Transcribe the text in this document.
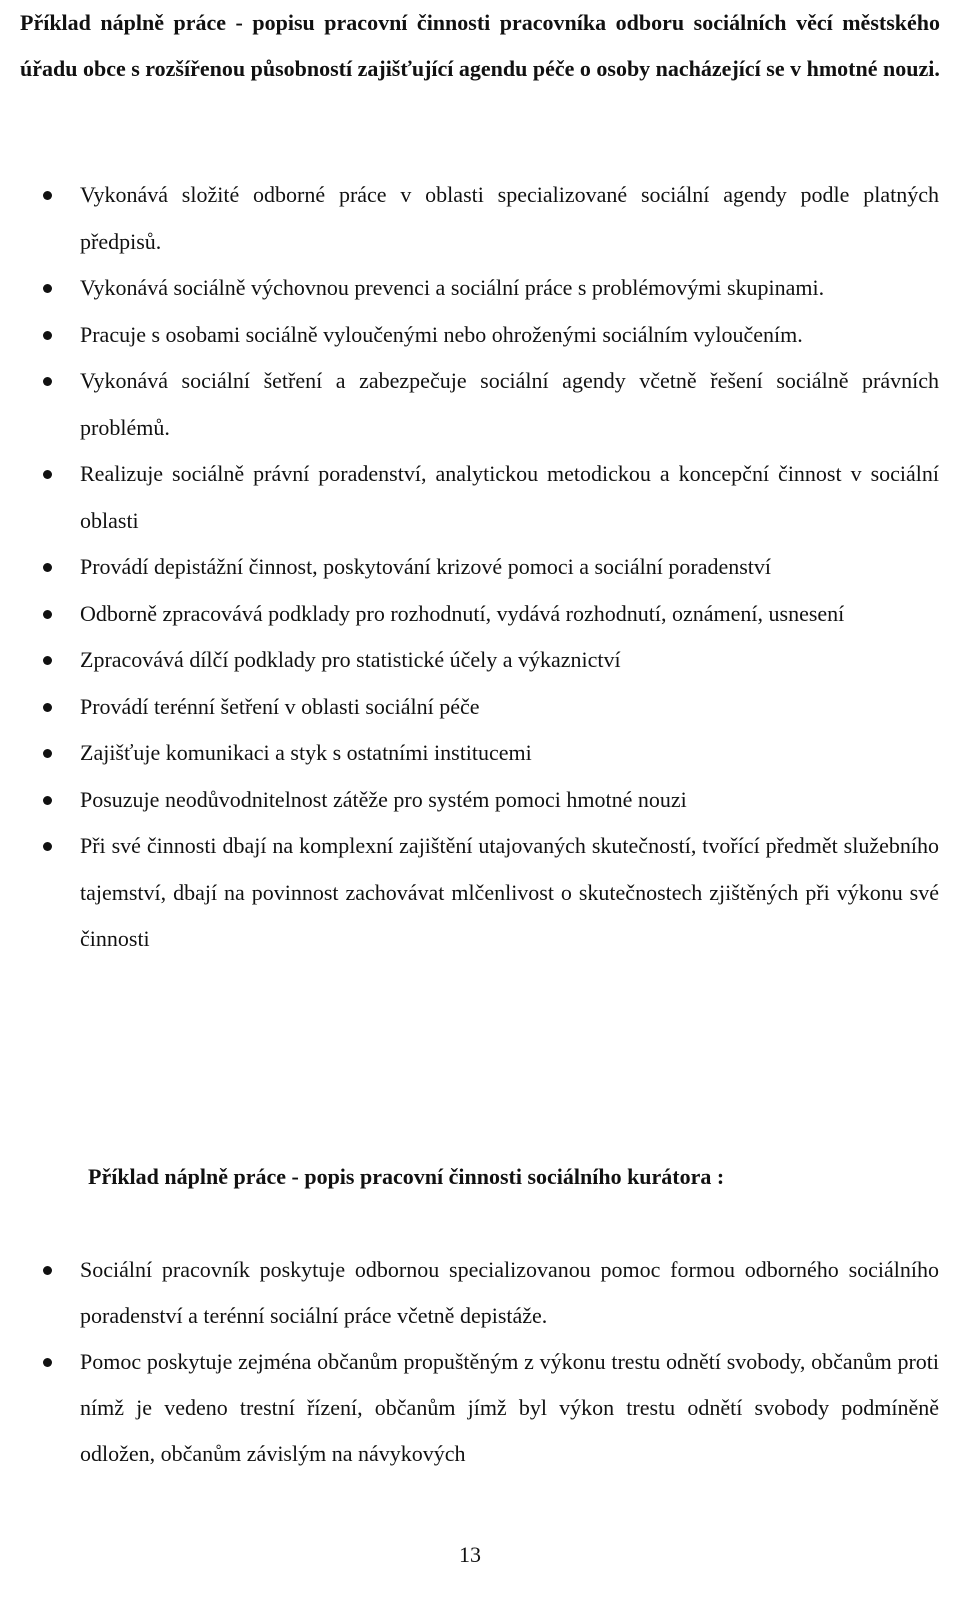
Příklad náplně práce - popisu pracovní činnosti pracovníka odboru sociálních věcí městského úřadu obce s rozšířenou působností zajišťující agendu péče o osoby nacházející se v hmotné nouzi.

Vykonává složité odborné práce v oblasti specializované sociální agendy podle platných předpisů.
Vykonává sociálně výchovnou prevenci a sociální práce s problémovými skupinami.
Pracuje s osobami sociálně vyloučenými nebo ohroženými sociálním vyloučením.
Vykonává sociální šetření a zabezpečuje sociální agendy včetně řešení sociálně právních problémů.
Realizuje sociálně právní poradenství, analytickou metodickou a koncepční činnost v sociální oblasti
Provádí depistážní činnost, poskytování krizové pomoci a sociální poradenství
Odborně zpracovává podklady pro rozhodnutí, vydává rozhodnutí, oznámení, usnesení
Zpracovává dílčí podklady pro statistické účely a výkaznictví
Provádí terénní šetření v oblasti sociální péče
Zajišťuje komunikaci a styk s ostatními institucemi
Posuzuje neodůvodnitelnost zátěže pro systém pomoci hmotné nouzi
Při své činnosti dbají na komplexní zajištění utajovaných skutečností, tvořící předmět služebního tajemství, dbají na povinnost zachovávat mlčenlivost o skutečnostech zjištěných při výkonu své činnosti

Příklad náplně práce - popis pracovní činnosti sociálního kurátora :

Sociální pracovník poskytuje odbornou specializovanou pomoc formou odborného sociálního poradenství a terénní sociální práce včetně depistáže.
Pomoc poskytuje zejména občanům propuštěným z výkonu trestu odnětí svobody, občanům proti nímž je vedeno trestní řízení, občanům jímž byl výkon trestu odnětí svobody podmíněně odložen, občanům závislým na návykových
13
